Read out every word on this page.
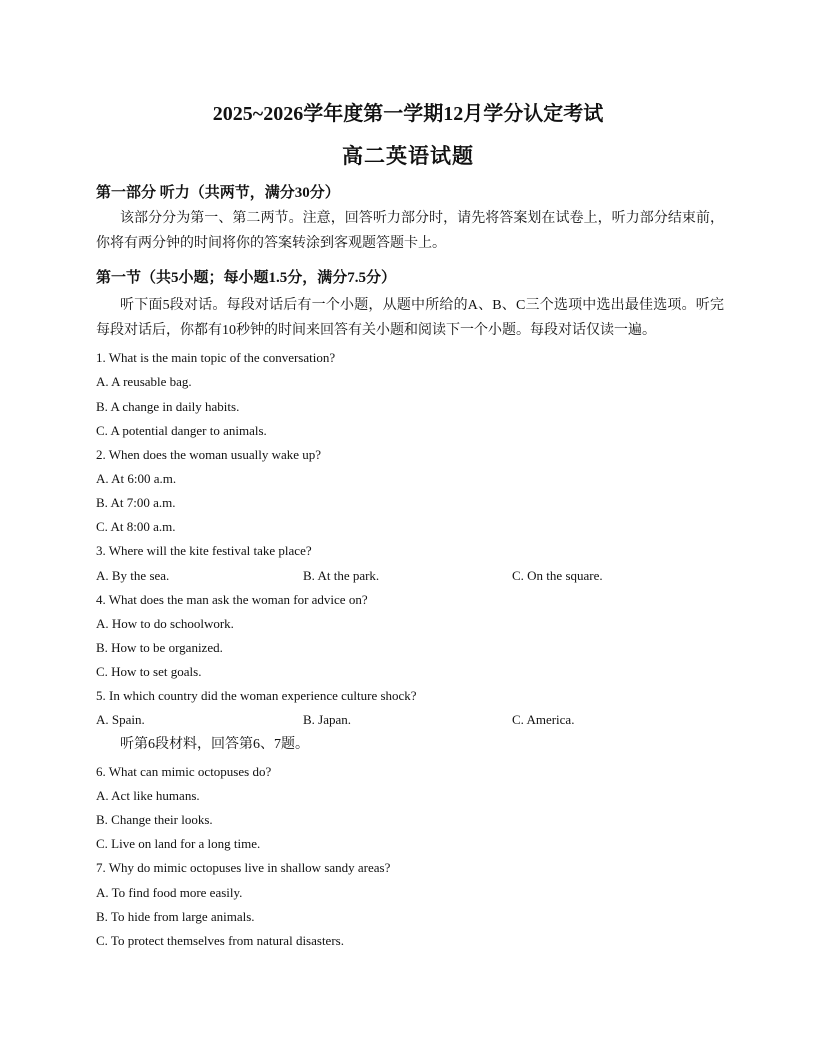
2025~2026学年度第一学期12月学分认定考试
高二英语试题
第一部分 听力（共两节，满分30分）
该部分分为第一、第二两节。注意，回答听力部分时，请先将答案划在试卷上，听力部分结束前，你将有两分钟的时间将你的答案转涂到客观题答题卡上。
第一节（共5小题；每小题1.5分，满分7.5分）
听下面5段对话。每段对话后有一个小题，从题中所给的A、B、C三个选项中选出最佳选项。听完每段对话后，你都有10秒钟的时间来回答有关小题和阅读下一个小题。每段对话仅读一遍。
1. What is the main topic of the conversation?
A. A reusable bag.
B. A change in daily habits.
C. A potential danger to animals.
2. When does the woman usually wake up?
A. At 6:00 a.m.
B. At 7:00 a.m.
C. At 8:00 a.m.
3. Where will the kite festival take place?
A. By the sea.	B. At the park.	C. On the square.
4. What does the man ask the woman for advice on?
A. How to do schoolwork.
B. How to be organized.
C. How to set goals.
5. In which country did the woman experience culture shock?
A. Spain.	B. Japan.	C. America.
听第6段材料，回答第6、7题。
6. What can mimic octopuses do?
A. Act like humans.
B. Change their looks.
C. Live on land for a long time.
7. Why do mimic octopuses live in shallow sandy areas?
A. To find food more easily.
B. To hide from large animals.
C. To protect themselves from natural disasters.
